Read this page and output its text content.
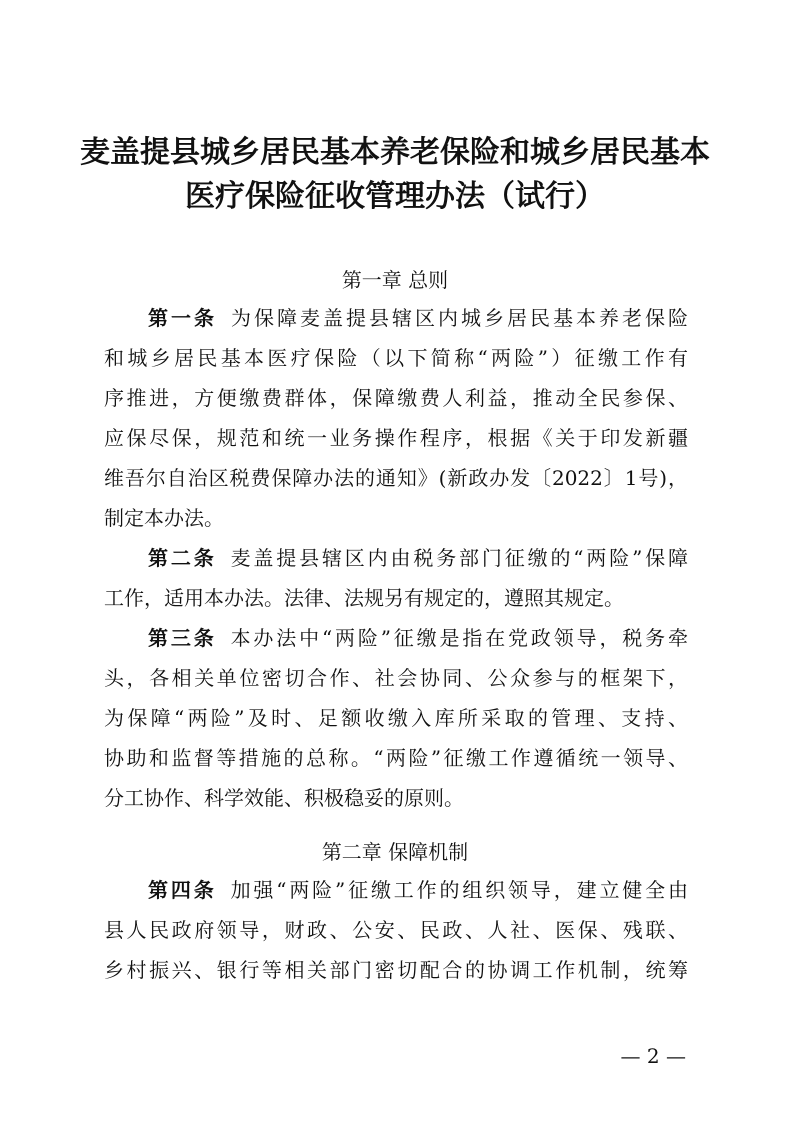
麦盖提县城乡居民基本养老保险和城乡居民基本
医疗保险征收管理办法（试行）
第一章 总则
第一条 为保障麦盖提县辖区内城乡居民基本养老保险
和城乡居民基本医疗保险（以下简称“两险”）征缴工作有
序推进，方便缴费群体，保障缴费人利益，推动全民参保、
应保尽保，规范和统一业务操作程序，根据《关于印发新疆
维吾尔自治区税费保障办法的通知》(新政办发〔2022〕1号)，
制定本办法。
第二条 麦盖提县辖区内由税务部门征缴的“两险”保障
工作，适用本办法。法律、法规另有规定的，遵照其规定。
第三条 本办法中“两险”征缴是指在党政领导，税务牵
头，各相关单位密切合作、社会协同、公众参与的框架下，
为保障“两险”及时、足额收缴入库所采取的管理、支持、
协助和监督等措施的总称。“两险”征缴工作遵循统一领导、
分工协作、科学效能、积极稳妥的原则。
第二章 保障机制
第四条 加强“两险”征缴工作的组织领导，建立健全由
县人民政府领导，财政、公安、民政、人社、医保、残联、
乡村振兴、银行等相关部门密切配合的协调工作机制，统筹
— 2 —
